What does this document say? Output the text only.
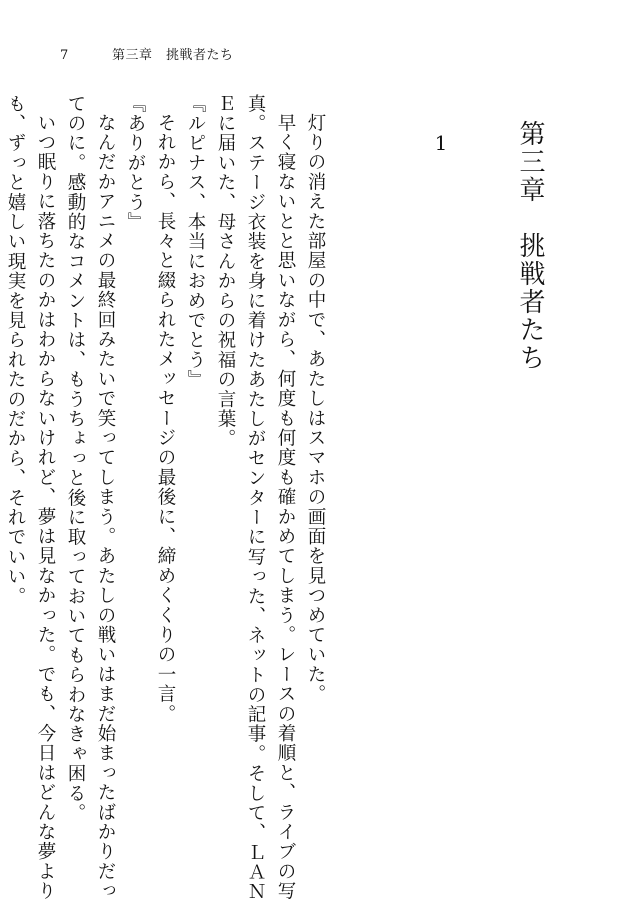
7	第三章　挑戦者たち
第三章　挑戦者たち
1

灯りの消えた部屋の中で、あたしはスマホの画面を見つめていた。

早く寝ないとと思いながら、何度も何度も確かめてしまう。レースの着順と、ライブの写

真。ステージ衣装を身に着けたあたしがセンターに写った、ネットの記事。そして、ＬＡＮ

Ｅに届いた、母さんからの祝福の言葉。

『ルピナス、本当におめでとう』

それから、長々と綴られたメッセージの最後に、締めくくりの一言。

『ありがとう』

なんだかアニメの最終回みたいで笑ってしまう。あたしの戦いはまだ始まったばかりだっ

てのに。感動的なコメントは、もうちょっと後に取っておいてもらわなきゃ困る。

いつ眠りに落ちたのかはわからないけれど、夢は見なかった。でも、今日はどんな夢より

も、ずっと嬉しい現実を見られたのだから、それでいい。
